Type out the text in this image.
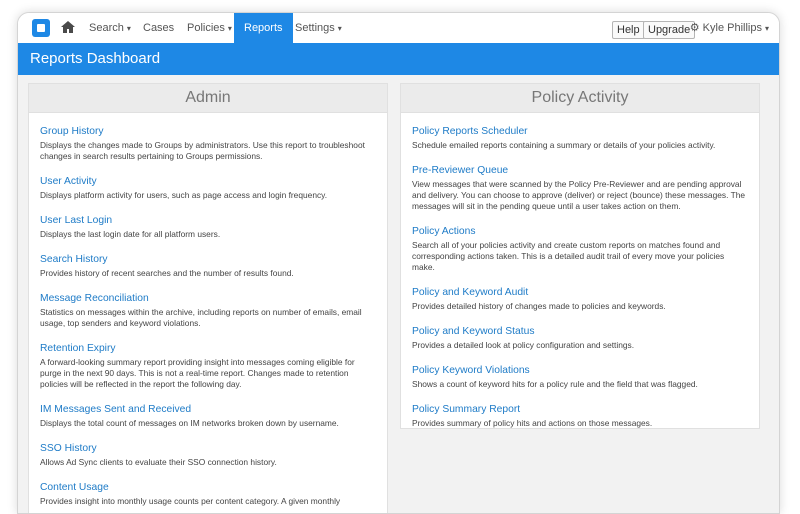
Search ▾	Cases	Policies ▾	Reports	Settings ▾	Help Upgrade ⚙ Kyle Phillips ▾
Reports Dashboard
Admin
Group History
Displays the changes made to Groups by administrators. Use this report to troubleshoot changes in search results pertaining to Groups permissions.
User Activity
Displays platform activity for users, such as page access and login frequency.
User Last Login
Displays the last login date for all platform users.
Search History
Provides history of recent searches and the number of results found.
Message Reconciliation
Statistics on messages within the archive, including reports on number of emails, email usage, top senders and keyword violations.
Retention Expiry
A forward-looking summary report providing insight into messages coming eligible for purge in the next 90 days. This is not a real-time report. Changes made to retention policies will be reflected in the report the following day.
IM Messages Sent and Received
Displays the total count of messages on IM networks broken down by username.
SSO History
Allows Ad Sync clients to evaluate their SSO connection history.
Content Usage
Provides insight into monthly usage counts per content category. A given monthly
Policy Activity
Policy Reports Scheduler
Schedule emailed reports containing a summary or details of your policies activity.
Pre-Reviewer Queue
View messages that were scanned by the Policy Pre-Reviewer and are pending approval and delivery. You can choose to approve (deliver) or reject (bounce) these messages. The messages will sit in the pending queue until a user takes action on them.
Policy Actions
Search all of your policies activity and create custom reports on matches found and corresponding actions taken. This is a detailed audit trail of every move your policies make.
Policy and Keyword Audit
Provides detailed history of changes made to policies and keywords.
Policy and Keyword Status
Provides a detailed look at policy configuration and settings.
Policy Keyword Violations
Shows a count of keyword hits for a policy rule and the field that was flagged.
Policy Summary Report
Provides summary of policy hits and actions on those messages.
